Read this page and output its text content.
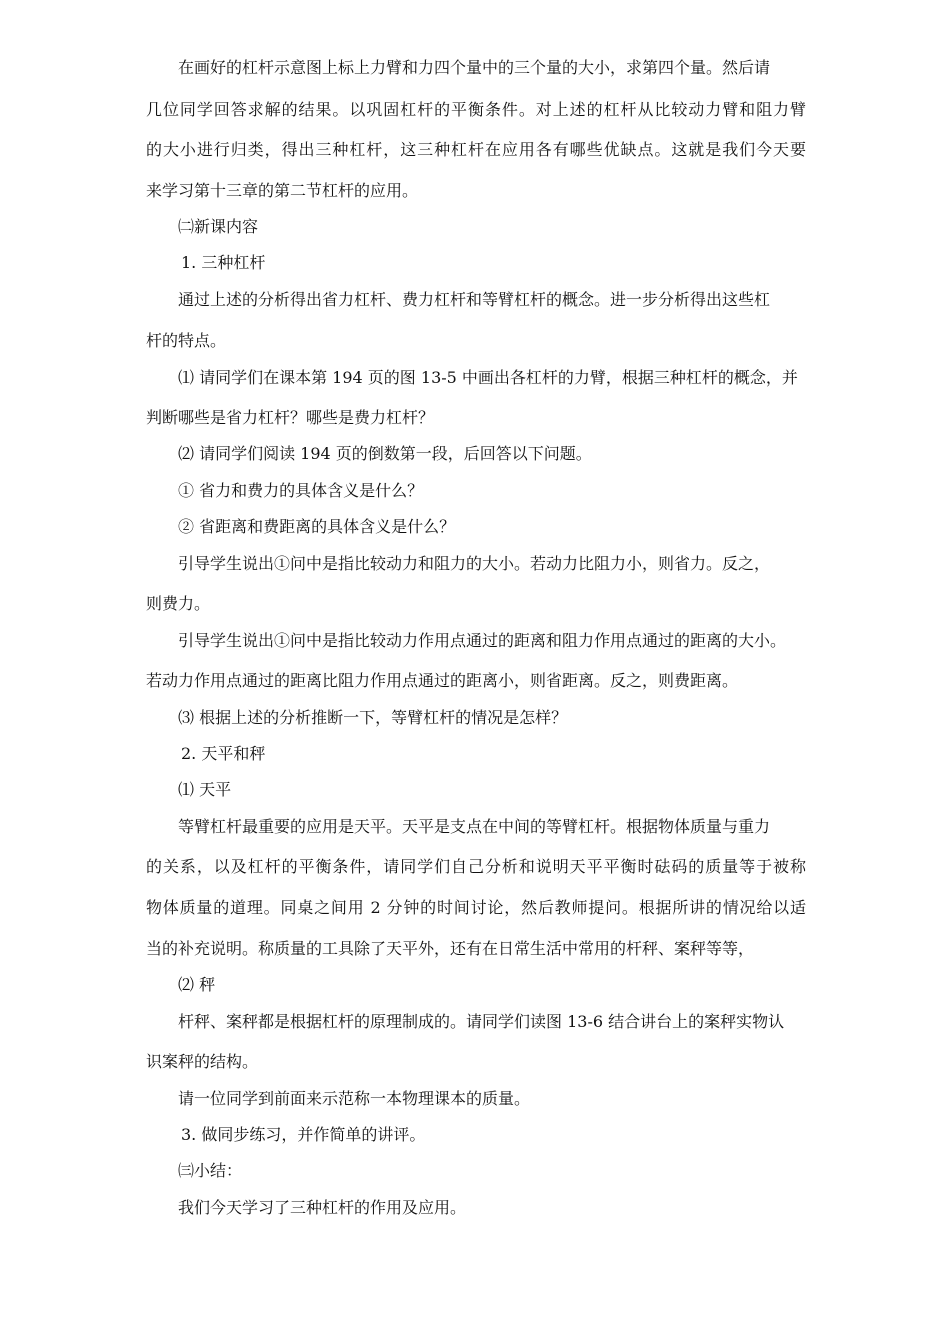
在画好的杠杆示意图上标上力臂和力四个量中的三个量的大小，求第四个量。然后请
几位同学回答求解的结果。以巩固杠杆的平衡条件。对上述的杠杆从比较动力臂和阻力臂
的大小进行归类，得出三种杠杆，这三种杠杆在应用各有哪些优缺点。这就是我们今天要
来学习第十三章的第二节杠杆的应用。
㈡新课内容
1. 三种杠杆
通过上述的分析得出省力杠杆、费力杠杆和等臂杠杆的概念。进一步分析得出这些杠
杆的特点。
⑴ 请同学们在课本第 194 页的图 13-5 中画出各杠杆的力臂，根据三种杠杆的概念，并
判断哪些是省力杠杆？哪些是费力杠杆？
⑵ 请同学们阅读 194 页的倒数第一段，后回答以下问题。
① 省力和费力的具体含义是什么？
② 省距离和费距离的具体含义是什么？
引导学生说出①问中是指比较动力和阻力的大小。若动力比阻力小，则省力。反之，
则费力。
引导学生说出①问中是指比较动力作用点通过的距离和阻力作用点通过的距离的大小。
若动力作用点通过的距离比阻力作用点通过的距离小，则省距离。反之，则费距离。
⑶ 根据上述的分析推断一下，等臂杠杆的情况是怎样？
2. 天平和秤
⑴ 天平
等臂杠杆最重要的应用是天平。天平是支点在中间的等臂杠杆。根据物体质量与重力
的关系，以及杠杆的平衡条件，请同学们自己分析和说明天平平衡时砝码的质量等于被称
物体质量的道理。同桌之间用 2 分钟的时间讨论，然后教师提问。根据所讲的情况给以适
当的补充说明。称质量的工具除了天平外，还有在日常生活中常用的杆秤、案秤等等，
⑵ 秤
杆秤、案秤都是根据杠杆的原理制成的。请同学们读图 13-6 结合讲台上的案秤实物认
识案秤的结构。
请一位同学到前面来示范称一本物理课本的质量。
3. 做同步练习，并作简单的讲评。
㈢小结：
我们今天学习了三种杠杆的作用及应用。
